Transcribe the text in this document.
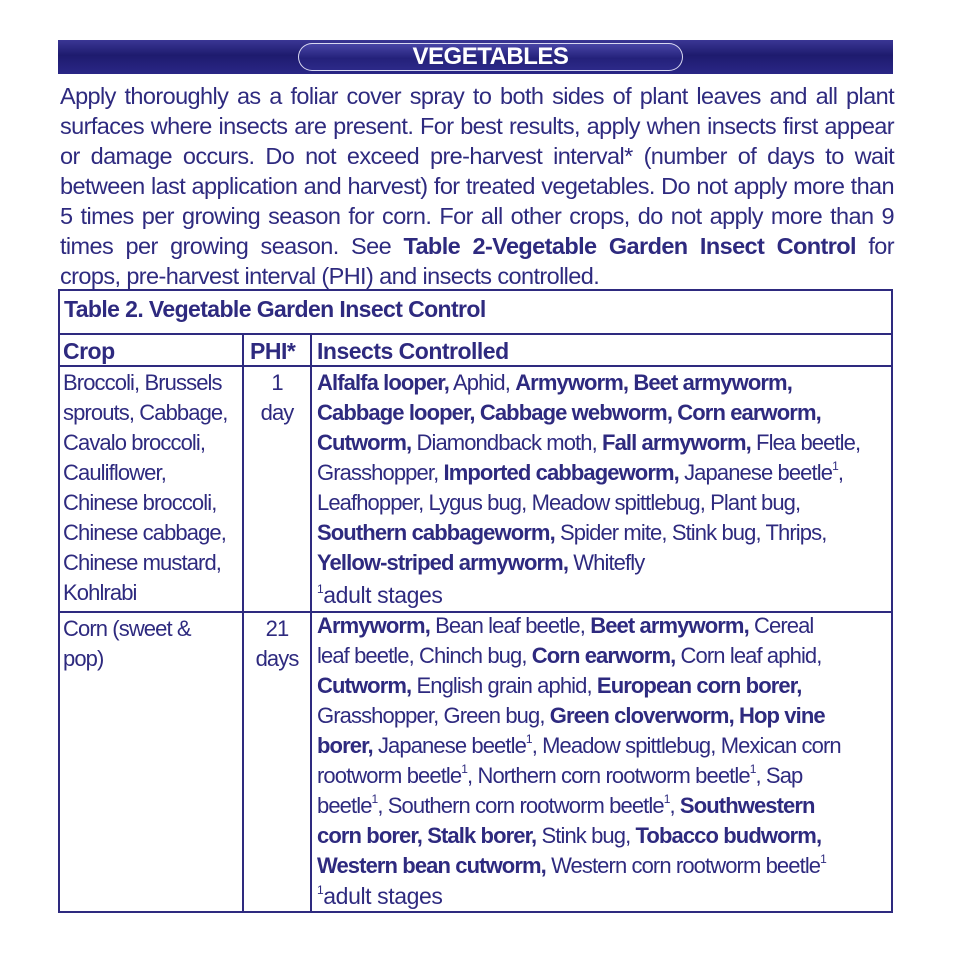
VEGETABLES

Apply thoroughly as a foliar cover spray to both sides of plant leaves and all plant surfaces where insects are present. For best results, apply when insects first appear or damage occurs. Do not exceed pre-harvest interval* (number of days to wait between last application and harvest) for treated vegetables. Do not apply more than 5 times per growing season for corn. For all other crops, do not apply more than 9 times per growing season. See Table 2-Vegetable Garden Insect Control for crops, pre-harvest interval (PHI) and insects controlled.

Table 2. Vegetable Garden Insect Control
Crop	PHI* Insects Controlled
Broccoli, Brussels
sprouts, Cabbage,
Cavalo broccoli,
Cauliflower,
Chinese broccoli,
Chinese cabbage,
Chinese mustard,
Kohlrabi
1
day
Alfalfa looper, Aphid, Armyworm, Beet armyworm,
Cabbage looper, Cabbage webworm, Corn earworm,
Cutworm, Diamondback moth, Fall armyworm, Flea beetle,
Grasshopper, Imported cabbageworm, Japanese beetle$^1$,
Leafhopper, Lygus bug, Meadow spittlebug, Plant bug,
Southern cabbageworm, Spider mite, Stink bug, Thrips,
Yellow-striped armyworm, Whitefly
$^1$adult stages
Corn (sweet &
pop)
21
days
Armyworm, Bean leaf beetle, Beet armyworm, Cereal
leaf beetle, Chinch bug, Corn earworm, Corn leaf aphid,
Cutworm, English grain aphid, European corn borer,
Grasshopper, Green bug, Green cloverworm, Hop vine
borer, Japanese beetle$^1$, Meadow spittlebug, Mexican corn
rootworm beetle$^1$, Northern corn rootworm beetle$^1$, Sap
beetle$^1$, Southern corn rootworm beetle$^1$, Southwestern
corn borer, Stalk borer, Stink bug, Tobacco budworm,
Western bean cutworm, Western corn rootworm beetle$^1$
$^1$adult stages
